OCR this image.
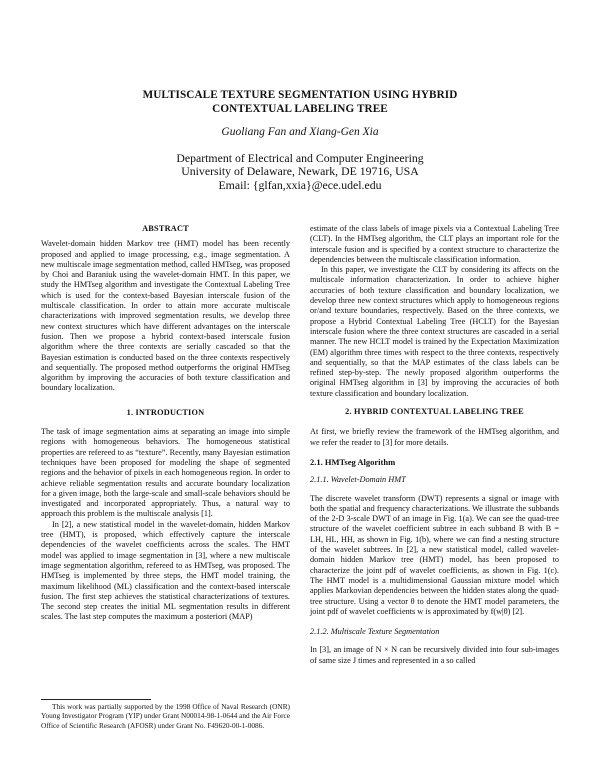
MULTISCALE TEXTURE SEGMENTATION USING HYBRID
CONTEXTUAL LABELING TREE
Guoliang Fan and Xiang-Gen Xia
Department of Electrical and Computer Engineering
University of Delaware, Newark, DE 19716, USA
Email: {glfan,xxia}@ece.udel.edu
ABSTRACT

Wavelet-domain hidden Markov tree (HMT) model has been recently proposed and applied to image processing, e.g., image segmentation. A new multiscale image segmentation method, called HMTseg, was proposed by Choi and Baraniuk using the wavelet-domain HMT. In this paper, we study the HMTseg algorithm and investigate the Contextual Labeling Tree which is used for the context-based Bayesian interscale fusion of the multiscale classification. In order to attain more accurate multiscale characterizations with improved segmentation results, we develop three new context structures which have different advantages on the interscale fusion. Then we propose a hybrid context-based interscale fusion algorithm where the three contexts are serially cascaded so that the Bayesian estimation is conducted based on the three contexts respectively and sequentially. The proposed method outperforms the original HMTseg algorithm by improving the accuracies of both texture classification and boundary localization.

1. INTRODUCTION

The task of image segmentation aims at separating an image into simple regions with homogeneous behaviors. The homogeneous statistical properties are refereed to as “texture”. Recently, many Bayesian estimation techniques have been proposed for modeling the shape of segmented regions and the behavior of pixels in each homogeneous region. In order to achieve reliable segmentation results and accurate boundary localization for a given image, both the large-scale and small-scale behaviors should be investigated and incorporated appropriately. Thus, a natural way to approach this problem is the multiscale analysis [1].

In [2], a new statistical model in the wavelet-domain, hidden Markov tree (HMT), is proposed, which effectively capture the interscale dependencies of the wavelet coefficients across the scales. The HMT model was applied to image segmentation in [3], where a new multiscale image segmentation algorithm, refereed to as HMTseg, was proposed. The HMTseg is implemented by three steps, the HMT model training, the maximum likelihood (ML) classification and the context-based interscale fusion. The first step achieves the statistical characterizations of textures. The second step creates the initial ML segmentation results in different scales. The last step computes the maximum a posteriori (MAP)

estimate of the class labels of image pixels via a Contextual Labeling Tree (CLT). In the HMTseg algorithm, the CLT plays an important role for the interscale fusion and is specified by a context structure to characterize the dependencies between the multiscale classification information.

In this paper, we investigate the CLT by considering its affects on the multiscale information characterization. In order to achieve higher accuracies of both texture classification and boundary localization, we develop three new context structures which apply to homogeneous regions or/and texture boundaries, respectively. Based on the three contexts, we propose a Hybrid Contextual Labeling Tree (HCLT) for the Bayesian interscale fusion where the three context structures are cascaded in a serial manner. The new HCLT model is trained by the Expectation Maximization (EM) algorithm three times with respect to the three contexts, respectively and sequentially, so that the MAP estimates of the class labels can be refined step-by-step. The newly proposed algorithm outperforms the original HMTseg algorithm in [3] by improving the accuracies of both texture classification and boundary localization.

2. HYBRID CONTEXTUAL LABELING TREE

At first, we briefly review the framework of the HMTseg algorithm, and we refer the reader to [3] for more details.

2.1. HMTseg Algorithm
2.1.1. Wavelet-Domain HMT

The discrete wavelet transform (DWT) represents a signal or image with both the spatial and frequency characterizations. We illustrate the subbands of the 2-D 3-scale DWT of an image in Fig. 1(a). We can see the quad-tree structure of the wavelet coefficient subtree in each subband B with B = LH, HL, HH, as shown in Fig. 1(b), where we can find a nesting structure of the wavelet subtrees. In [2], a new statistical model, called wavelet-domain hidden Markov tree (HMT) model, has been proposed to characterize the joint pdf of wavelet coefficients, as shown in Fig. 1(c). The HMT model is a multidimensional Gaussian mixture model which applies Markovian dependencies between the hidden states along the quad-tree structure. Using a vector θ to denote the HMT model parameters, the joint pdf of wavelet coefficients w is approximated by f(w|θ) [2].

2.1.2. Multiscale Texture Segmentation

In [3], an image of N × N can be recursively divided into four sub-images of same size J times and represented in a so called

This work was partially supported by the 1998 Office of Naval Research (ONR) Young Investigator Program (YIP) under Grant N00014-98-1-0644 and the Air Force Office of Scientific Research (AFOSR) under Grant No. F49620-00-1-0086.
